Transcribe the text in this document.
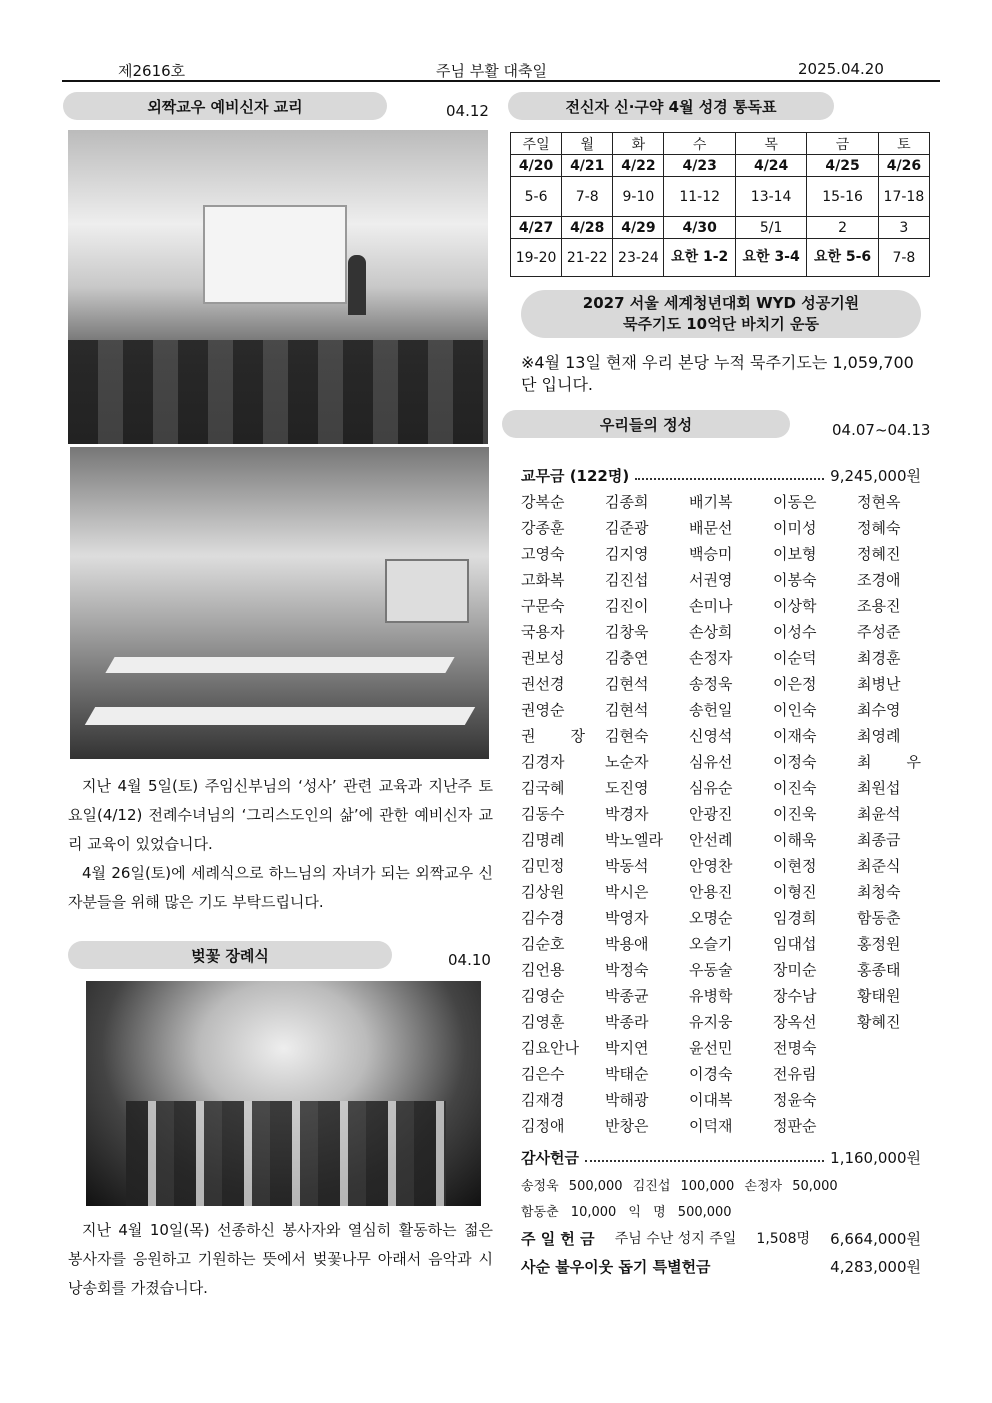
제2616호	주님 부활 대축일	2025.04.20
외짝교우 예비신자 교리	04.12

지난 4월 5일(토) 주임신부님의 ‘성사’ 관련 교육과 지난주 토요일(4/12) 전례수녀님의 ‘그리스도인의 삶’에 관한 예비신자 교리 교육이 있었습니다.

4월 26일(토)에 세례식으로 하느님의 자녀가 되는 외짝교우 신자분들을 위해 많은 기도 부탁드립니다.

벚꽃 장례식	04.10

지난 4월 10일(목) 선종하신 봉사자와 열심히 활동하는 젊은 봉사자를 응원하고 기원하는 뜻에서 벚꽃나무 아래서 음악과 시 낭송회를 가졌습니다.

전신자 신·구약 4월 성경 통독표
주일	월	화	수	목	금	토
4/20	4/21	4/22	4/23	4/24	4/25	4/26
5-6	7-8	9-10	11-12	13-14	15-16	17-18
4/27	4/28	4/29	4/30	5/1	2	3
19-20	21-22	23-24	요한 1-2	요한 3-4	요한 5-6	7-8
2027 서울 세계청년대회 WYD 성공기원
묵주기도 10억단 바치기 운동
※4월 13일 현재 우리 본당 누적 묵주기도는 1,059,700단 입니다.
우리들의 정성	04.07~04.13
교무금 (122명)	9,245,000원
강복순	김종희	배기복	이동은	정현옥
강종훈	김준광	배문선	이미성	정혜숙
고영숙	김지영	백승미	이보형	정혜진
고화복	김진섭	서권영	이봉숙	조경애
구문숙	김진이	손미나	이상학	조용진
국용자	김창욱	손상희	이성수	주성준
권보성	김충연	손정자	이순덕	최경훈
권선경	김현석	송정욱	이은정	최병난
권영순	김현석	송헌일	이인숙	최수영
권 장	김현숙	신영석	이재숙	최영례
김경자	노순자	심유선	이정숙	최 우
김국혜	도진영	심유순	이진숙	최원섭
김동수	박경자	안광진	이진욱	최윤석
김명례	박노엘라	안선례	이해욱	최종금
김민정	박동석	안영찬	이현정	최준식
김상원	박시은	안용진	이형진	최청숙
김수경	박영자	오명순	임경희	함동춘
김순호	박용애	오슬기	임대섭	홍정원
김언용	박정숙	우동술	장미순	홍종태
김영순	박종균	유병학	장수남	황태원
김영훈	박종라	유지웅	장옥선	황혜진
김요안나	박지연	윤선민	전명숙
김은수	박태순	이경숙	전유림
김재경	박해광	이대복	정윤숙
김정애	반창은	이덕재	정판순
감사헌금	1,160,000원
송정욱 500,000 김진섭 100,000 손정자 50,000
함동춘 10,000 익 명 500,000
주 일 헌 금 주님 수난 성지 주일 1,508명 6,664,000원
사순 불우이웃 돕기 특별헌금	4,283,000원
